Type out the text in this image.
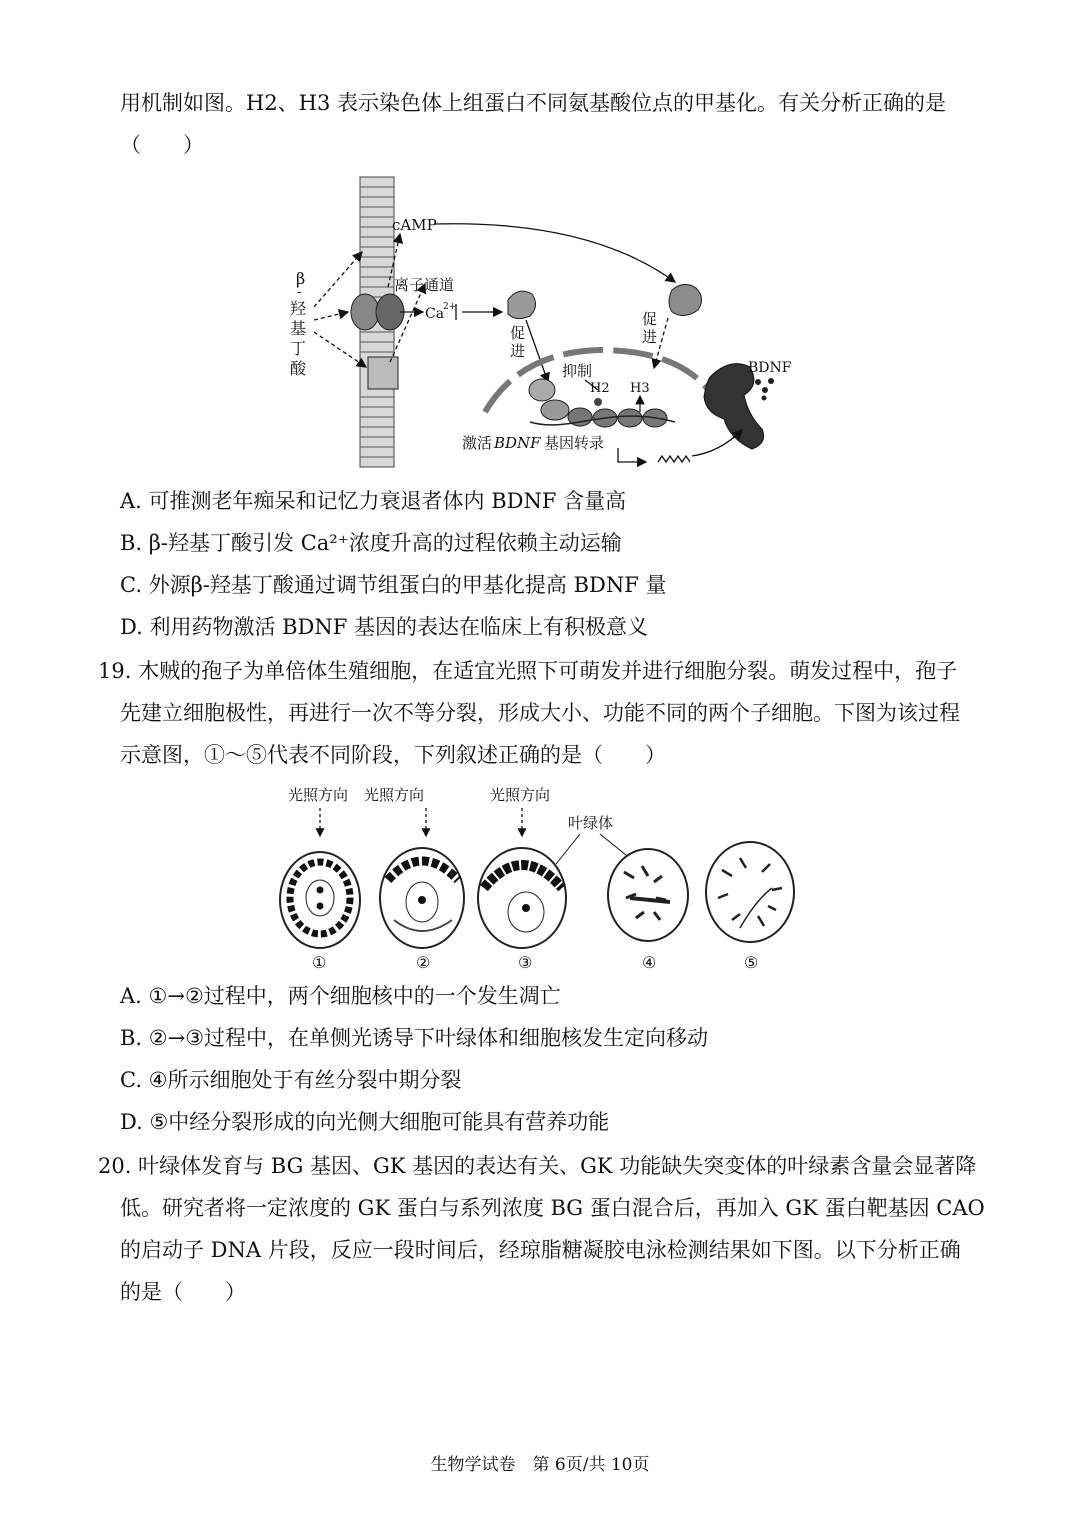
用机制如图。H2、H3 表示染色体上组蛋白不同氨基酸位点的甲基化。有关分析正确的是
（　　）
β
-
羟
基
丁
酸
cAMP
离子通道
Ca
2+
促
进
促
进
抑制
H2 H3
BDNF
激活 BDNF 基因转录
A. 可推测老年痴呆和记忆力衰退者体内 BDNF 含量高
B. β-羟基丁酸引发 Ca²⁺浓度升高的过程依赖主动运输
C. 外源β-羟基丁酸通过调节组蛋白的甲基化提高 BDNF 量
D. 利用药物激活 BDNF 基因的表达在临床上有积极意义
19. 木贼的孢子为单倍体生殖细胞，在适宜光照下可萌发并进行细胞分裂。萌发过程中，孢子
先建立细胞极性，再进行一次不等分裂，形成大小、功能不同的两个子细胞。下图为该过程
示意图，①～⑤代表不同阶段，下列叙述正确的是（　　）
光照方向 光照方向	光照方向
叶绿体
①	②	③	④	⑤
A. ①→②过程中，两个细胞核中的一个发生凋亡
B. ②→③过程中，在单侧光诱导下叶绿体和细胞核发生定向移动
C. ④所示细胞处于有丝分裂中期分裂
D. ⑤中经分裂形成的向光侧大细胞可能具有营养功能
20. 叶绿体发育与 BG 基因、GK 基因的表达有关、GK 功能缺失突变体的叶绿素含量会显著降
低。研究者将一定浓度的 GK 蛋白与系列浓度 BG 蛋白混合后，再加入 GK 蛋白靶基因 CAO
的启动子 DNA 片段，反应一段时间后，经琼脂糖凝胶电泳检测结果如下图。以下分析正确
的是（　　）
生物学试卷　第 6页/共 10页
